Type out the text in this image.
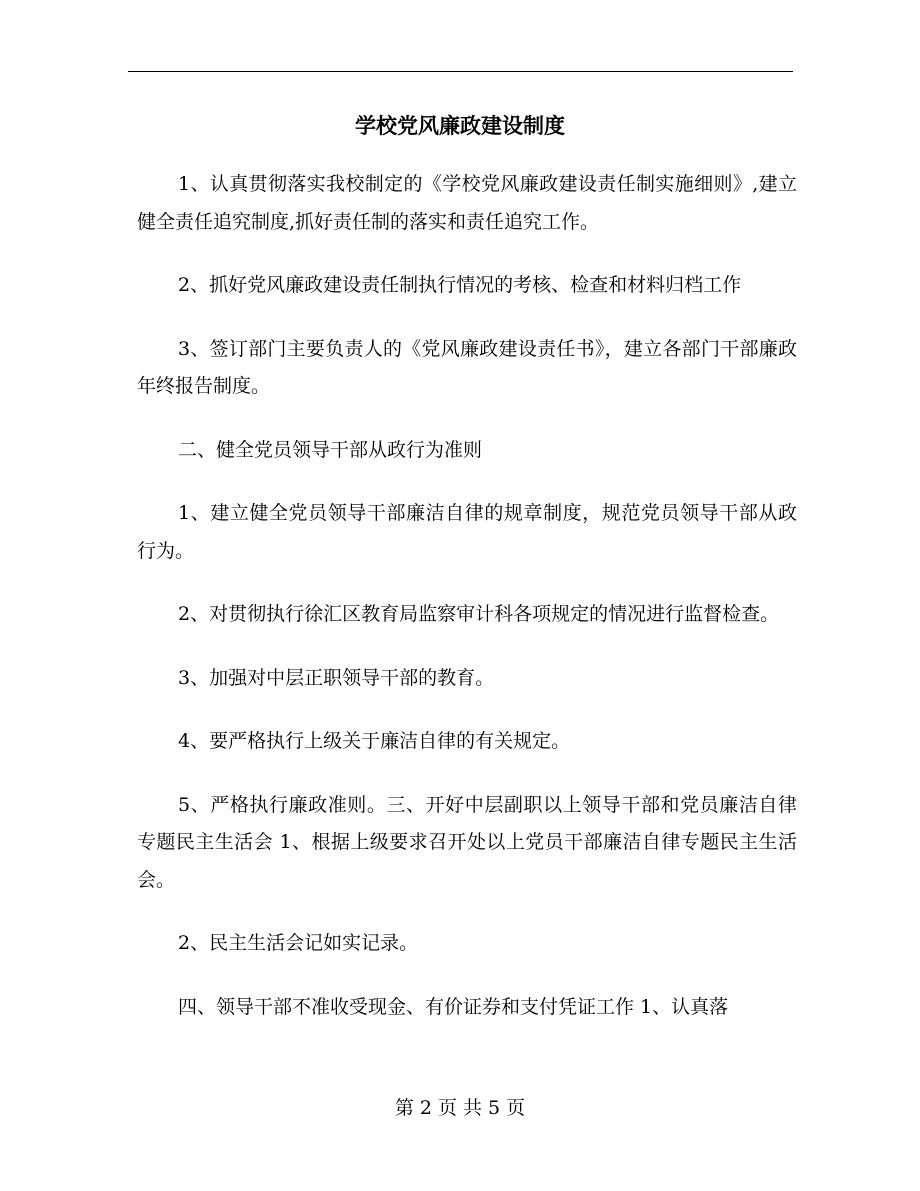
学校党风廉政建设制度

1、认真贯彻落实我校制定的《学校党风廉政建设责任制实施细则》,建立健全责任追究制度,抓好责任制的落实和责任追究工作。

2、抓好党风廉政建设责任制执行情况的考核、检查和材料归档工作

3、签订部门主要负责人的《党风廉政建设责任书》，建立各部门干部廉政年终报告制度。

二、健全党员领导干部从政行为准则

1、建立健全党员领导干部廉洁自律的规章制度，规范党员领导干部从政行为。

2、对贯彻执行徐汇区教育局监察审计科各项规定的情况进行监督检查。

3、加强对中层正职领导干部的教育。

4、要严格执行上级关于廉洁自律的有关规定。

5、严格执行廉政准则。三、开好中层副职以上领导干部和党员廉洁自律专题民主生活会 1、根据上级要求召开处以上党员干部廉洁自律专题民主生活会。

2、民主生活会记如实记录。

四、领导干部不准收受现金、有价证券和支付凭证工作 1、认真落

第 2 页 共 5 页
